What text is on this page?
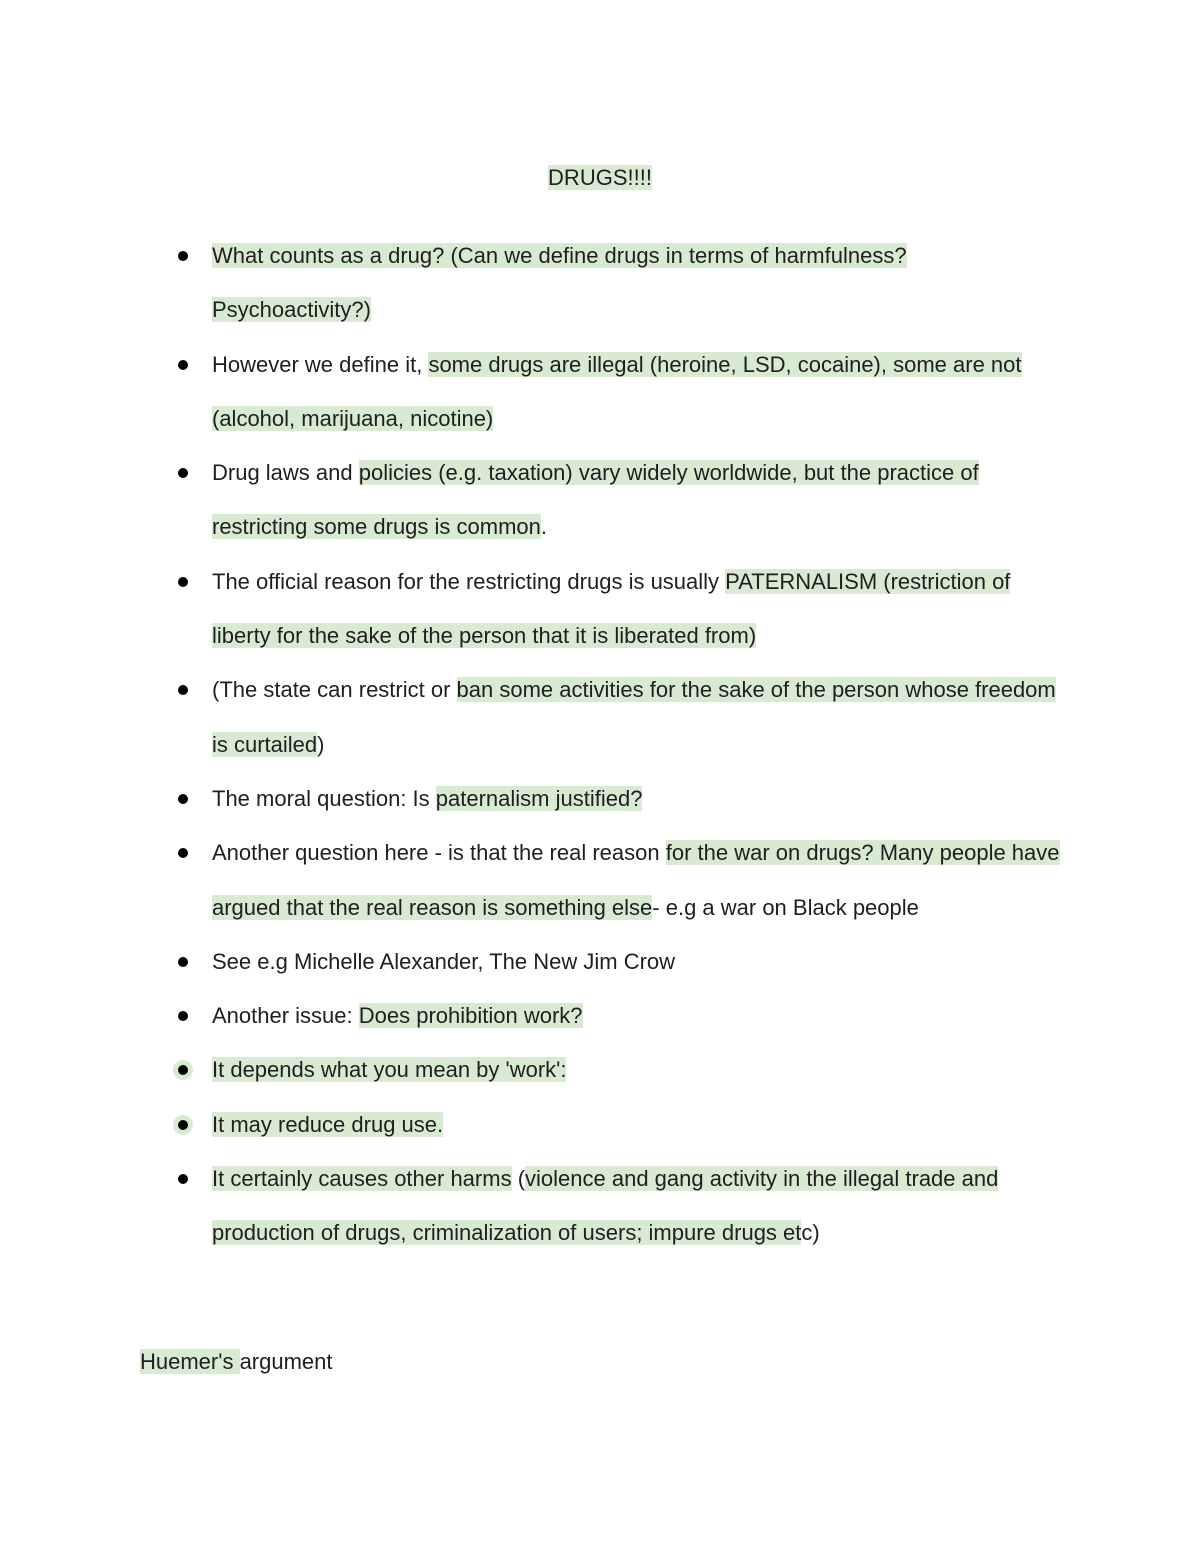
DRUGS!!!!
What counts as a drug? (Can we define drugs in terms of harmfulness? Psychoactivity?)
However we define it, some drugs are illegal (heroine, LSD, cocaine), some are not (alcohol, marijuana, nicotine)
Drug laws and policies (e.g. taxation) vary widely worldwide, but the practice of restricting some drugs is common.
The official reason for the restricting drugs is usually PATERNALISM (restriction of liberty for the sake of the person that it is liberated from)
(The state can restrict or ban some activities for the sake of the person whose freedom is curtailed)
The moral question: Is paternalism justified?
Another question here - is that the real reason for the war on drugs? Many people have argued that the real reason is something else- e.g a war on Black people
See e.g Michelle Alexander, The New Jim Crow
Another issue: Does prohibition work?
It depends what you mean by 'work':
It may reduce drug use.
It certainly causes other harms (violence and gang activity in the illegal trade and production of drugs, criminalization of users; impure drugs etc)
Huemer's argument
